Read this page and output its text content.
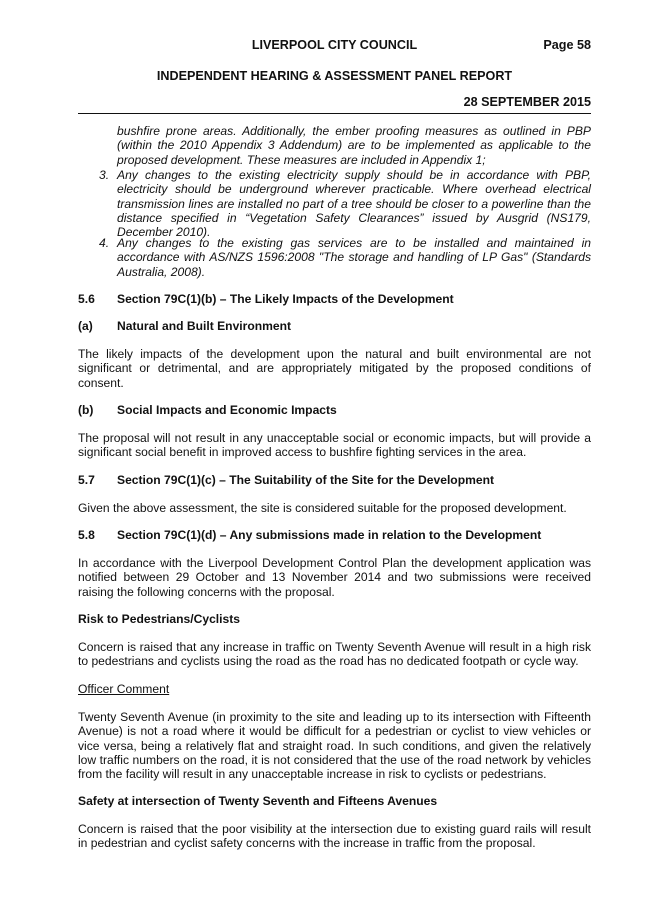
LIVERPOOL CITY COUNCIL	Page 58
INDEPENDENT HEARING & ASSESSMENT PANEL REPORT
28 SEPTEMBER 2015

bushfire prone areas. Additionally, the ember proofing measures as outlined in PBP (within the 2010 Appendix 3 Addendum) are to be implemented as applicable to the proposed development. These measures are included in Appendix 1;

3. Any changes to the existing electricity supply should be in accordance with PBP, electricity should be underground wherever practicable. Where overhead electrical transmission lines are installed no part of a tree should be closer to a powerline than the distance specified in “Vegetation Safety Clearances” issued by Ausgrid (NS179, December 2010).
4. Any changes to the existing gas services are to be installed and maintained in accordance with AS/NZS 1596:2008 "The storage and handling of LP Gas" (Standards Australia, 2008).
5.6 Section 79C(1)(b) – The Likely Impacts of the Development
(a) Natural and Built Environment

The likely impacts of the development upon the natural and built environmental are not significant or detrimental, and are appropriately mitigated by the proposed conditions of consent.

(b) Social Impacts and Economic Impacts

The proposal will not result in any unacceptable social or economic impacts, but will provide a significant social benefit in improved access to bushfire fighting services in the area.

5.7 Section 79C(1)(c) – The Suitability of the Site for the Development

Given the above assessment, the site is considered suitable for the proposed development.

5.8 Section 79C(1)(d) – Any submissions made in relation to the Development

In accordance with the Liverpool Development Control Plan the development application was notified between 29 October and 13 November 2014 and two submissions were received raising the following concerns with the proposal.

Risk to Pedestrians/Cyclists

Concern is raised that any increase in traffic on Twenty Seventh Avenue will result in a high risk to pedestrians and cyclists using the road as the road has no dedicated footpath or cycle way.

Officer Comment

Twenty Seventh Avenue (in proximity to the site and leading up to its intersection with Fifteenth Avenue) is not a road where it would be difficult for a pedestrian or cyclist to view vehicles or vice versa, being a relatively flat and straight road. In such conditions, and given the relatively low traffic numbers on the road, it is not considered that the use of the road network by vehicles from the facility will result in any unacceptable increase in risk to cyclists or pedestrians.

Safety at intersection of Twenty Seventh and Fifteens Avenues

Concern is raised that the poor visibility at the intersection due to existing guard rails will result in pedestrian and cyclist safety concerns with the increase in traffic from the proposal.
